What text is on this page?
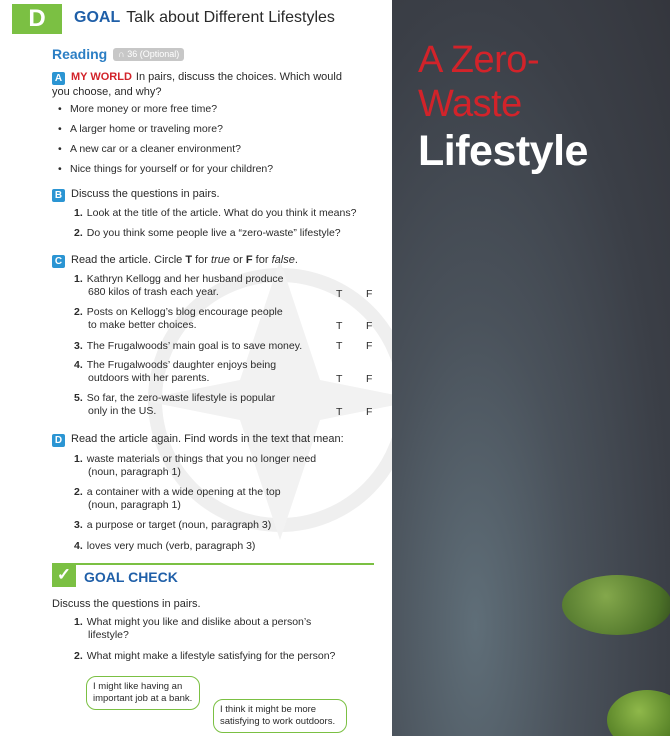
D	GOAL Talk about Different Lifestyles
Reading ∩ 36 (Optional)
A MY WORLD In pairs, discuss the choices. Which would
you choose, and why?
• More money or more free time?
• A larger home or traveling more?
• A new car or a cleaner environment?
• Nice things for yourself or for your children?
B Discuss the questions in pairs.
1. Look at the title of the article. What do you think it means?
2. Do you think some people live a “zero-waste” lifestyle?
C Read the article. Circle T for true or F for false.
1. Kathryn Kellogg and her husband produce
680 kilos of trash each year.	T F
2. Posts on Kellogg’s blog encourage people
to make better choices.	T F
3. The Frugalwoods’ main goal is to save money.	T F
4. The Frugalwoods’ daughter enjoys being
outdoors with her parents.	T F
5. So far, the zero-waste lifestyle is popular
only in the US.	T F
D Read the article again. Find words in the text that mean:
1. waste materials or things that you no longer need
(noun, paragraph 1)
2. a container with a wide opening at the top
(noun, paragraph 1)
3. a purpose or target (noun, paragraph 3)
4. loves very much (verb, paragraph 3)
✓ GOAL CHECK
Discuss the questions in pairs.
1. What might you like and dislike about a person’s
lifestyle?
2. What might make a lifestyle satisfying for the person?
I might like having an
important job at a bank.
I think it might be more
satisfying to work outdoors.
A Zero-
Waste
Lifestyle
